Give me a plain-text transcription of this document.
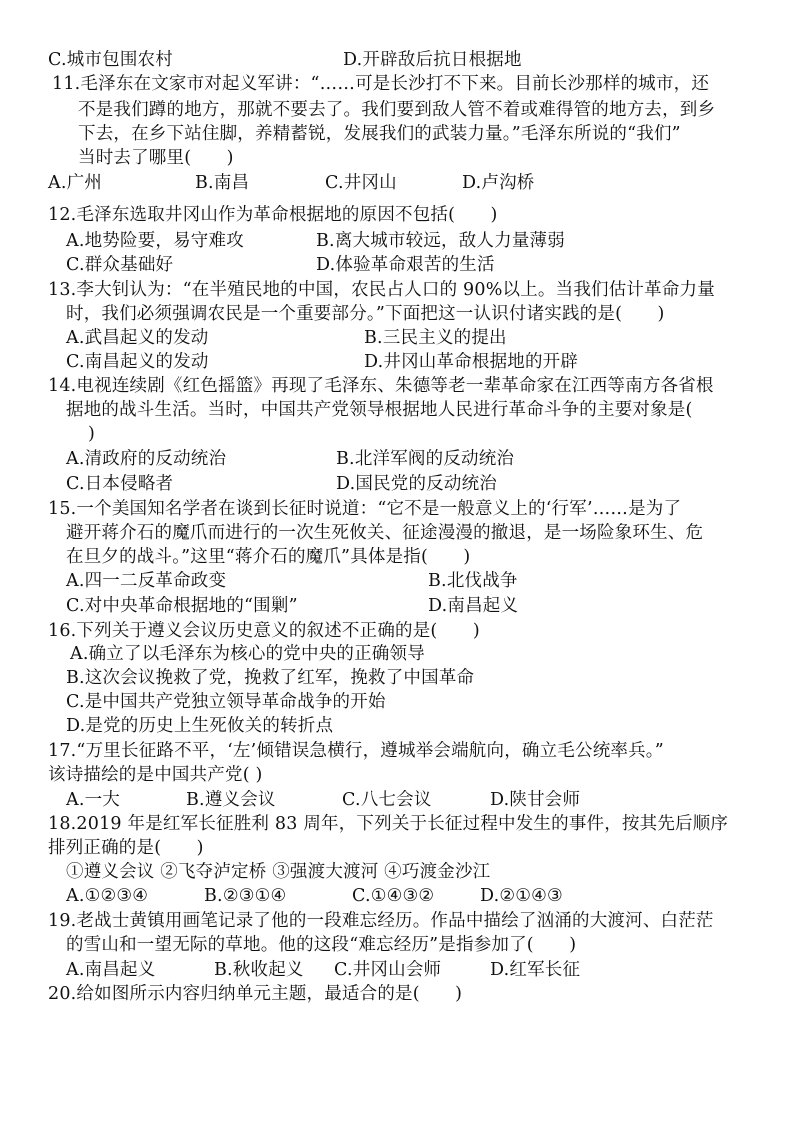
C.城市包围农村	D.开辟敌后抗日根据地
11.毛泽东在文家市对起义军讲：“……可是长沙打不下来。目前长沙那样的城市，还
不是我们蹲的地方，那就不要去了。我们要到敌人管不着或难得管的地方去，到乡
下去，在乡下站住脚，养精蓄锐，发展我们的武装力量。”毛泽东所说的“我们”
当时去了哪里(　　)
A.广州	B.南昌	C.井冈山	D.卢沟桥
12.毛泽东选取井冈山作为革命根据地的原因不包括(　　)
A.地势险要，易守难攻	B.离大城市较远，敌人力量薄弱
C.群众基础好	D.体验革命艰苦的生活
13.李大钊认为：“在半殖民地的中国，农民占人口的 90%以上。当我们估计革命力量
时，我们必须强调农民是一个重要部分。”下面把这一认识付诸实践的是(　　)
A.武昌起义的发动	B.三民主义的提出
C.南昌起义的发动	D.井冈山革命根据地的开辟
14.电视连续剧《红色摇篮》再现了毛泽东、朱德等老一辈革命家在江西等南方各省根
据地的战斗生活。当时，中国共产党领导根据地人民进行革命斗争的主要对象是(
)
A.清政府的反动统治	B.北洋军阀的反动统治
C.日本侵略者	D.国民党的反动统治
15.一个美国知名学者在谈到长征时说道：“它不是一般意义上的‘行军’……是为了
避开蒋介石的魔爪而进行的一次生死攸关、征途漫漫的撤退，是一场险象环生、危
在旦夕的战斗。”这里“蒋介石的魔爪”具体是指(　　)
A.四一二反革命政变	B.北伐战争
C.对中央革命根据地的“围剿”	D.南昌起义
16.下列关于遵义会议历史意义的叙述不正确的是(　　)
A.确立了以毛泽东为核心的党中央的正确领导
B.这次会议挽救了党，挽救了红军，挽救了中国革命
C.是中国共产党独立领导革命战争的开始
D.是党的历史上生死攸关的转折点
17.“万里长征路不平，‘左’倾错误急横行，遵城举会端航向，确立毛公统率兵。”
该诗描绘的是中国共产党( )
A.一大	B.遵义会议	C.八七会议	D.陕甘会师
18.2019 年是红军长征胜利 83 周年，下列关于长征过程中发生的事件，按其先后顺序
排列正确的是(　　)
①遵义会议 ②飞夺泸定桥 ③强渡大渡河 ④巧渡金沙江
A.①②③④	B.②③①④	C.①④③②	D.②①④③
19.老战士黄镇用画笔记录了他的一段难忘经历。作品中描绘了汹涌的大渡河、白茫茫
的雪山和一望无际的草地。他的这段“难忘经历”是指参加了(　　)
A.南昌起义	B.秋收起义 C.井冈山会师	D.红军长征
20.给如图所示内容归纳单元主题，最适合的是(　　)
